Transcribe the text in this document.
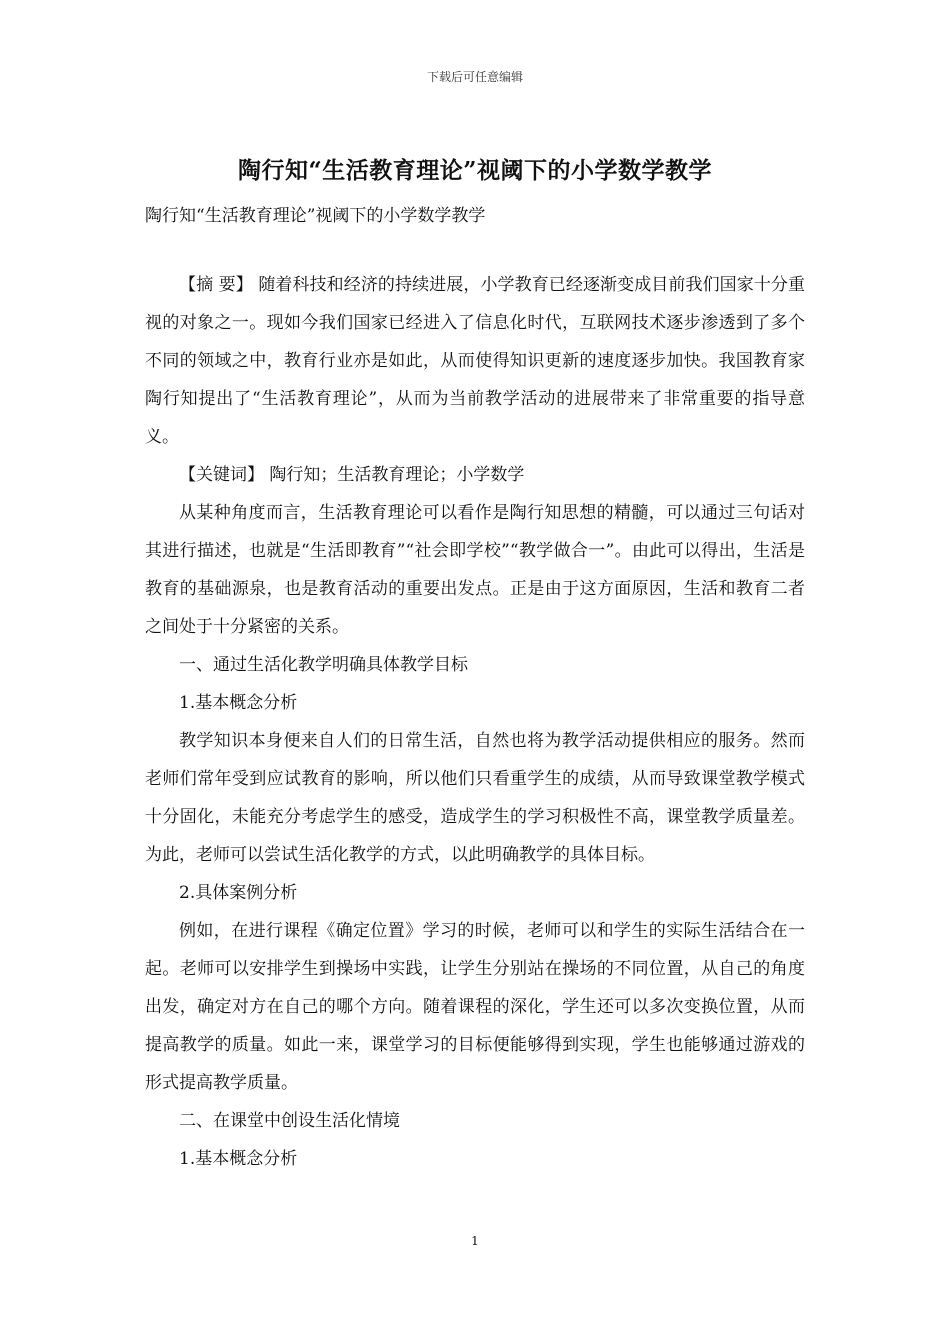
下载后可任意编辑
陶行知“生活教育理论”视阈下的小学数学教学
陶行知“生活教育理论”视阈下的小学数学教学

【摘 要】 随着科技和经济的持续进展，小学教育已经逐渐变成目前我们国家十分重视的对象之一。现如今我们国家已经进入了信息化时代，互联网技术逐步渗透到了多个不同的领域之中，教育行业亦是如此，从而使得知识更新的速度逐步加快。我国教育家陶行知提出了“生活教育理论”，从而为当前教学活动的进展带来了非常重要的指导意义。

【关键词】 陶行知；生活教育理论；小学数学

从某种角度而言，生活教育理论可以看作是陶行知思想的精髓，可以通过三句话对其进行描述，也就是“生活即教育”“社会即学校”“教学做合一”。由此可以得出，生活是教育的基础源泉，也是教育活动的重要出发点。正是由于这方面原因，生活和教育二者之间处于十分紧密的关系。

一、通过生活化教学明确具体教学目标

1.基本概念分析

教学知识本身便来自人们的日常生活，自然也将为教学活动提供相应的服务。然而老师们常年受到应试教育的影响，所以他们只看重学生的成绩，从而导致课堂教学模式十分固化，未能充分考虑学生的感受，造成学生的学习积极性不高，课堂教学质量差。为此，老师可以尝试生活化教学的方式，以此明确教学的具体目标。

2.具体案例分析

例如，在进行课程《确定位置》学习的时候，老师可以和学生的实际生活结合在一起。老师可以安排学生到操场中实践，让学生分别站在操场的不同位置，从自己的角度出发，确定对方在自己的哪个方向。随着课程的深化，学生还可以多次变换位置，从而提高教学的质量。如此一来，课堂学习的目标便能够得到实现，学生也能够通过游戏的形式提高教学质量。

二、在课堂中创设生活化情境

1.基本概念分析

1
